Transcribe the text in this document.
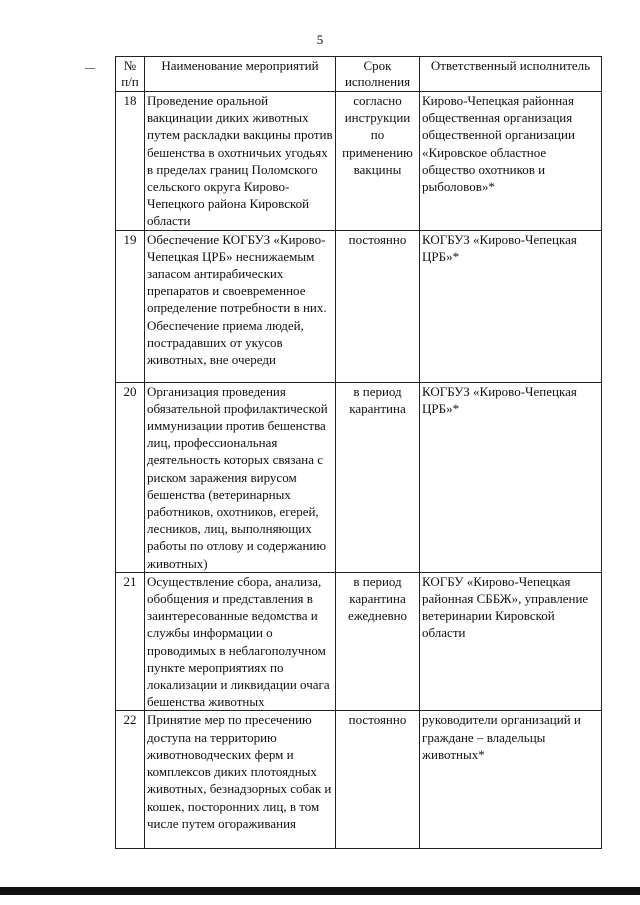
5
№ п/п	Наименование мероприятий	Срок исполнения	Ответственный исполнитель
18	Проведение оральной вакцинации диких животных путем раскладки вакцины против бешенства в охотничьих угодьях в пределах границ Поломского сельского округа Кирово-Чепецкого района Кировской области	согласно инструкции по применению вакцины	Кирово-Чепецкая районная общественная организация общественной организации «Кировское областное общество охотников и рыболовов»*
19	Обеспечение КОГБУЗ «Кирово-Чепецкая ЦРБ» неснижаемым запасом антирабических препаратов и своевременное определение потребности в них. Обеспечение приема людей, пострадавших от укусов животных, вне очереди	постоянно	КОГБУЗ «Кирово-Чепецкая ЦРБ»*
20	Организация проведения обязательной профилактической иммунизации против бешенства лиц, профессиональная деятельность которых связана с риском заражения вирусом бешенства (ветеринарных работников, охотников, егерей, лесников, лиц, выполняющих работы по отлову и содержанию животных)	в период карантина	КОГБУЗ «Кирово-Чепецкая ЦРБ»*
21	Осуществление сбора, анализа, обобщения и представления в заинтересованные ведомства и службы информации о проводимых в неблагополучном пункте мероприятиях по локализации и ликвидации очага бешенства животных	в период карантина ежедневно	КОГБУ «Кирово-Чепецкая районная СББЖ», управление ветеринарии Кировской области
22	Принятие мер по пресечению доступа на территорию животноводческих ферм и комплексов диких плотоядных животных, безнадзорных собак и кошек, посторонних лиц, в том числе путем огораживания	постоянно	руководители организаций и граждане – владельцы животных*
